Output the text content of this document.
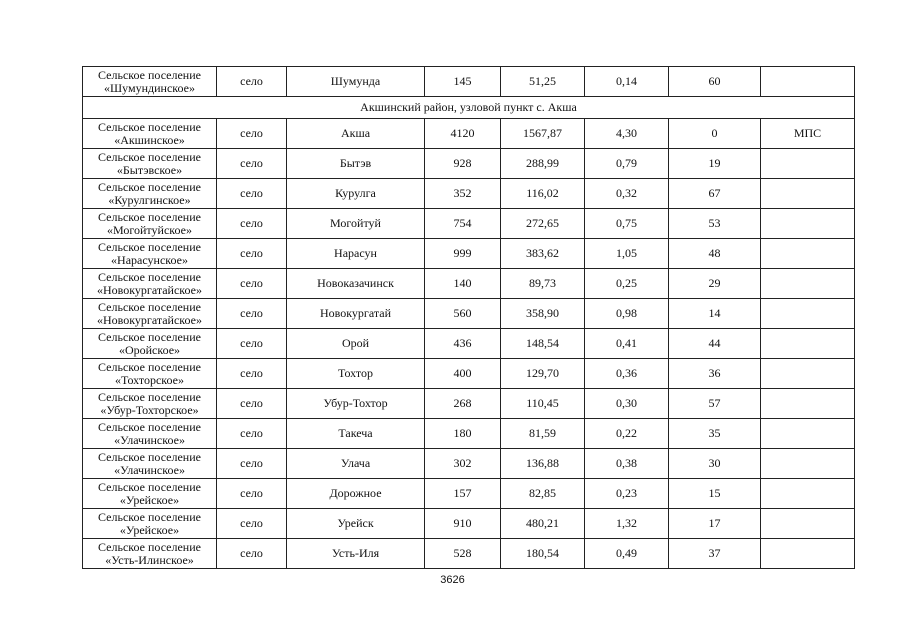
Сельское поселение «Шумундинское»	село	Шумунда	145	51,25	0,14	60	
Акшинский район, узловой пункт с. Акша							
Сельское поселение «Акшинское»	село	Акша	4120	1567,87	4,30	0	МПС
Сельское поселение «Бытэвское»	село	Бытэв	928	288,99	0,79	19	
Сельское поселение «Курулгинское»	село	Курулга	352	116,02	0,32	67	
Сельское поселение «Могойтуйское»	село	Могойтуй	754	272,65	0,75	53	
Сельское поселение «Нарасунское»	село	Нарасун	999	383,62	1,05	48	
Сельское поселение «Новокургатайское»	село	Новоказачинск	140	89,73	0,25	29	
Сельское поселение «Новокургатайское»	село	Новокургатай	560	358,90	0,98	14	
Сельское поселение «Оройское»	село	Орой	436	148,54	0,41	44	
Сельское поселение «Тохторское»	село	Тохтор	400	129,70	0,36	36	
Сельское поселение «Убур-Тохторское»	село	Убур-Тохтор	268	110,45	0,30	57	
Сельское поселение «Улачинское»	село	Такеча	180	81,59	0,22	35	
Сельское поселение «Улачинское»	село	Улача	302	136,88	0,38	30	
Сельское поселение «Урейское»	село	Дорожное	157	82,85	0,23	15	
Сельское поселение «Урейское»	село	Урейск	910	480,21	1,32	17	
Сельское поселение «Усть-Илинское»	село	Усть-Иля	528	180,54	0,49	37	
3626
